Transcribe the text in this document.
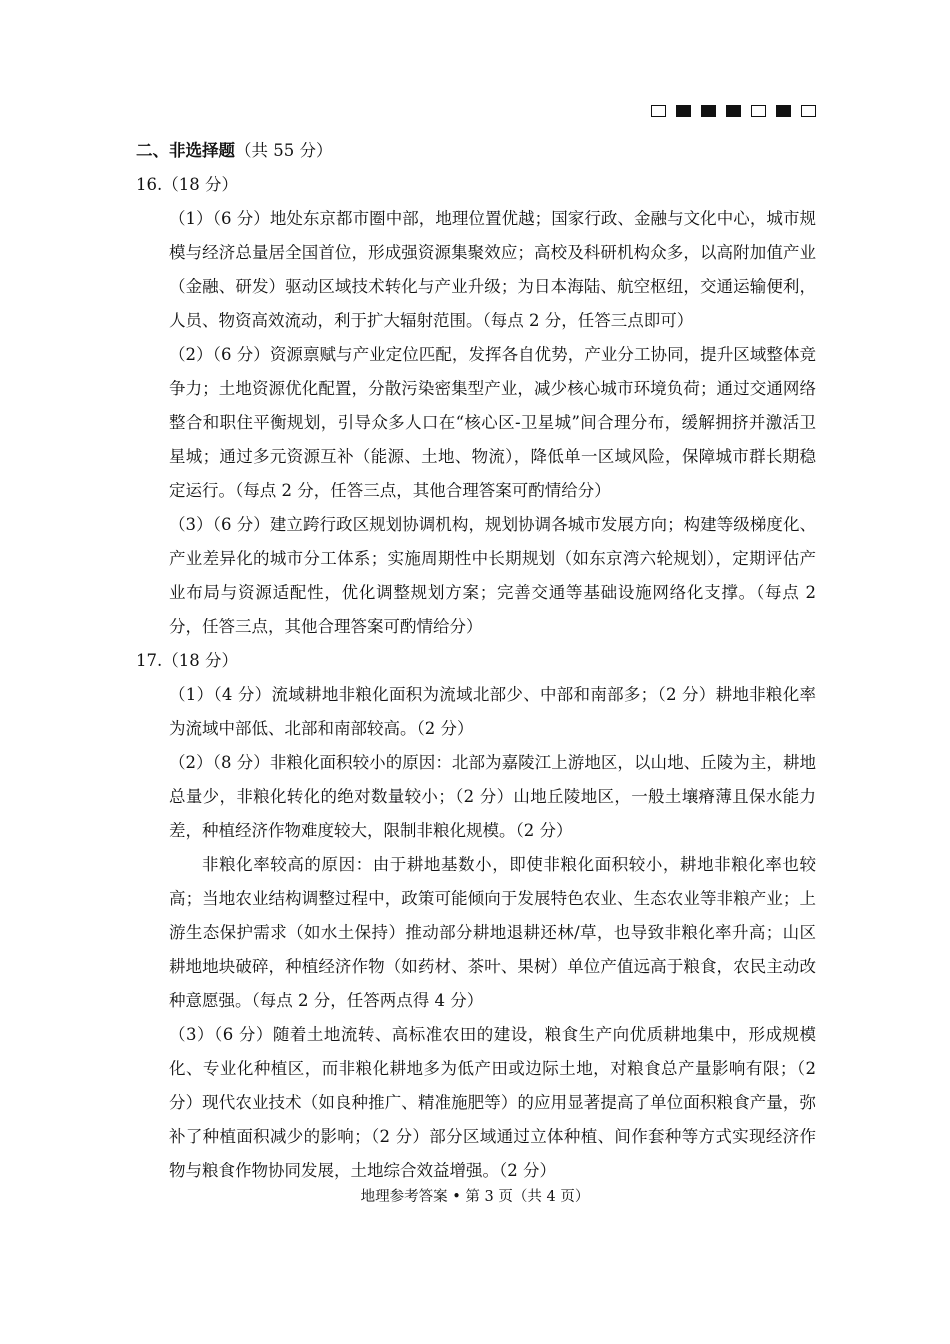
二、非选择题（共 55 分）

16.（18 分）

（1）（6 分）地处东京都市圈中部，地理位置优越；国家行政、金融与文化中心，城市规模与经济总量居全国首位，形成强资源集聚效应；高校及科研机构众多，以高附加值产业（金融、研发）驱动区域技术转化与产业升级；为日本海陆、航空枢纽，交通运输便利，人员、物资高效流动，利于扩大辐射范围。（每点 2 分，任答三点即可）

（2）（6 分）资源禀赋与产业定位匹配，发挥各自优势，产业分工协同，提升区域整体竞争力；土地资源优化配置，分散污染密集型产业，减少核心城市环境负荷；通过交通网络整合和职住平衡规划，引导众多人口在“核心区-卫星城”间合理分布，缓解拥挤并激活卫星城；通过多元资源互补（能源、土地、物流），降低单一区域风险，保障城市群长期稳定运行。（每点 2 分，任答三点，其他合理答案可酌情给分）

（3）（6 分）建立跨行政区规划协调机构，规划协调各城市发展方向；构建等级梯度化、产业差异化的城市分工体系；实施周期性中长期规划（如东京湾六轮规划），定期评估产业布局与资源适配性，优化调整规划方案；完善交通等基础设施网络化支撑。（每点 2 分，任答三点，其他合理答案可酌情给分）

17.（18 分）

（1）（4 分）流域耕地非粮化面积为流域北部少、中部和南部多；（2 分）耕地非粮化率为流域中部低、北部和南部较高。（2 分）

（2）（8 分）非粮化面积较小的原因：北部为嘉陵江上游地区，以山地、丘陵为主，耕地总量少，非粮化转化的绝对数量较小；（2 分）山地丘陵地区，一般土壤瘠薄且保水能力差，种植经济作物难度较大，限制非粮化规模。（2 分）

非粮化率较高的原因：由于耕地基数小，即使非粮化面积较小，耕地非粮化率也较高；当地农业结构调整过程中，政策可能倾向于发展特色农业、生态农业等非粮产业；上游生态保护需求（如水土保持）推动部分耕地退耕还林/草，也导致非粮化率升高；山区耕地地块破碎，种植经济作物（如药材、茶叶、果树）单位产值远高于粮食，农民主动改种意愿强。（每点 2 分，任答两点得 4 分）

（3）（6 分）随着土地流转、高标准农田的建设，粮食生产向优质耕地集中，形成规模化、专业化种植区，而非粮化耕地多为低产田或边际土地，对粮食总产量影响有限；（2 分）现代农业技术（如良种推广、精准施肥等）的应用显著提高了单位面积粮食产量，弥补了种植面积减少的影响；（2 分）部分区域通过立体种植、间作套种等方式实现经济作物与粮食作物协同发展，土地综合效益增强。（2 分）

地理参考答案 • 第 3 页（共 4 页）
